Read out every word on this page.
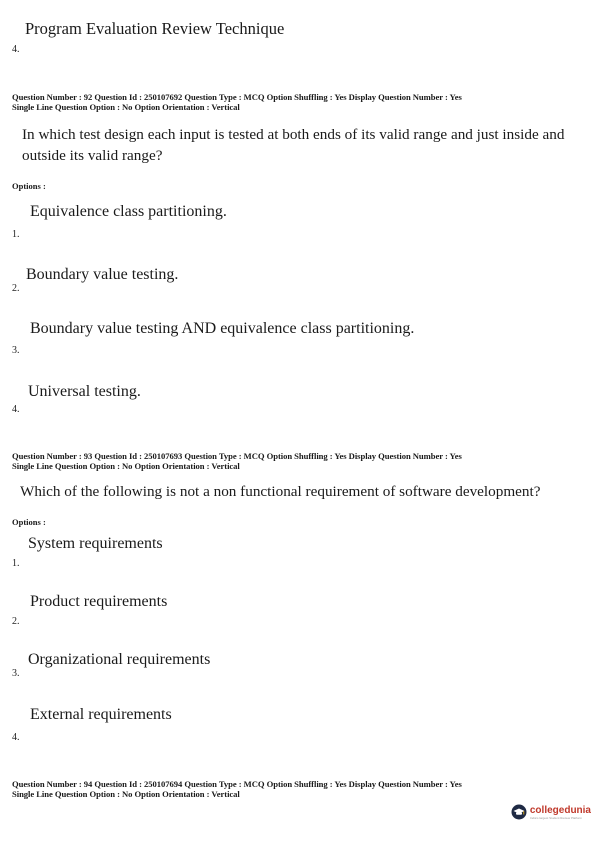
Program Evaluation Review Technique
4.
Question Number : 92 Question Id : 250107692 Question Type : MCQ Option Shuffling : Yes Display Question Number : Yes
Single Line Question Option : No Option Orientation : Vertical
In which test design each input is tested at both ends of its valid range and just inside and outside its valid range?
Options :
Equivalence class partitioning.
1.
Boundary value testing.
2.
Boundary value testing AND equivalence class partitioning.
3.
Universal testing.
4.
Question Number : 93 Question Id : 250107693 Question Type : MCQ Option Shuffling : Yes Display Question Number : Yes
Single Line Question Option : No Option Orientation : Vertical
Which of the following is not a non functional requirement of software development?
Options :
System requirements
1.
Product requirements
2.
Organizational requirements
3.
External requirements
4.
Question Number : 94 Question Id : 250107694 Question Type : MCQ Option Shuffling : Yes Display Question Number : Yes
Single Line Question Option : No Option Orientation : Vertical
collegedunia
India's largest Student Review Platform
